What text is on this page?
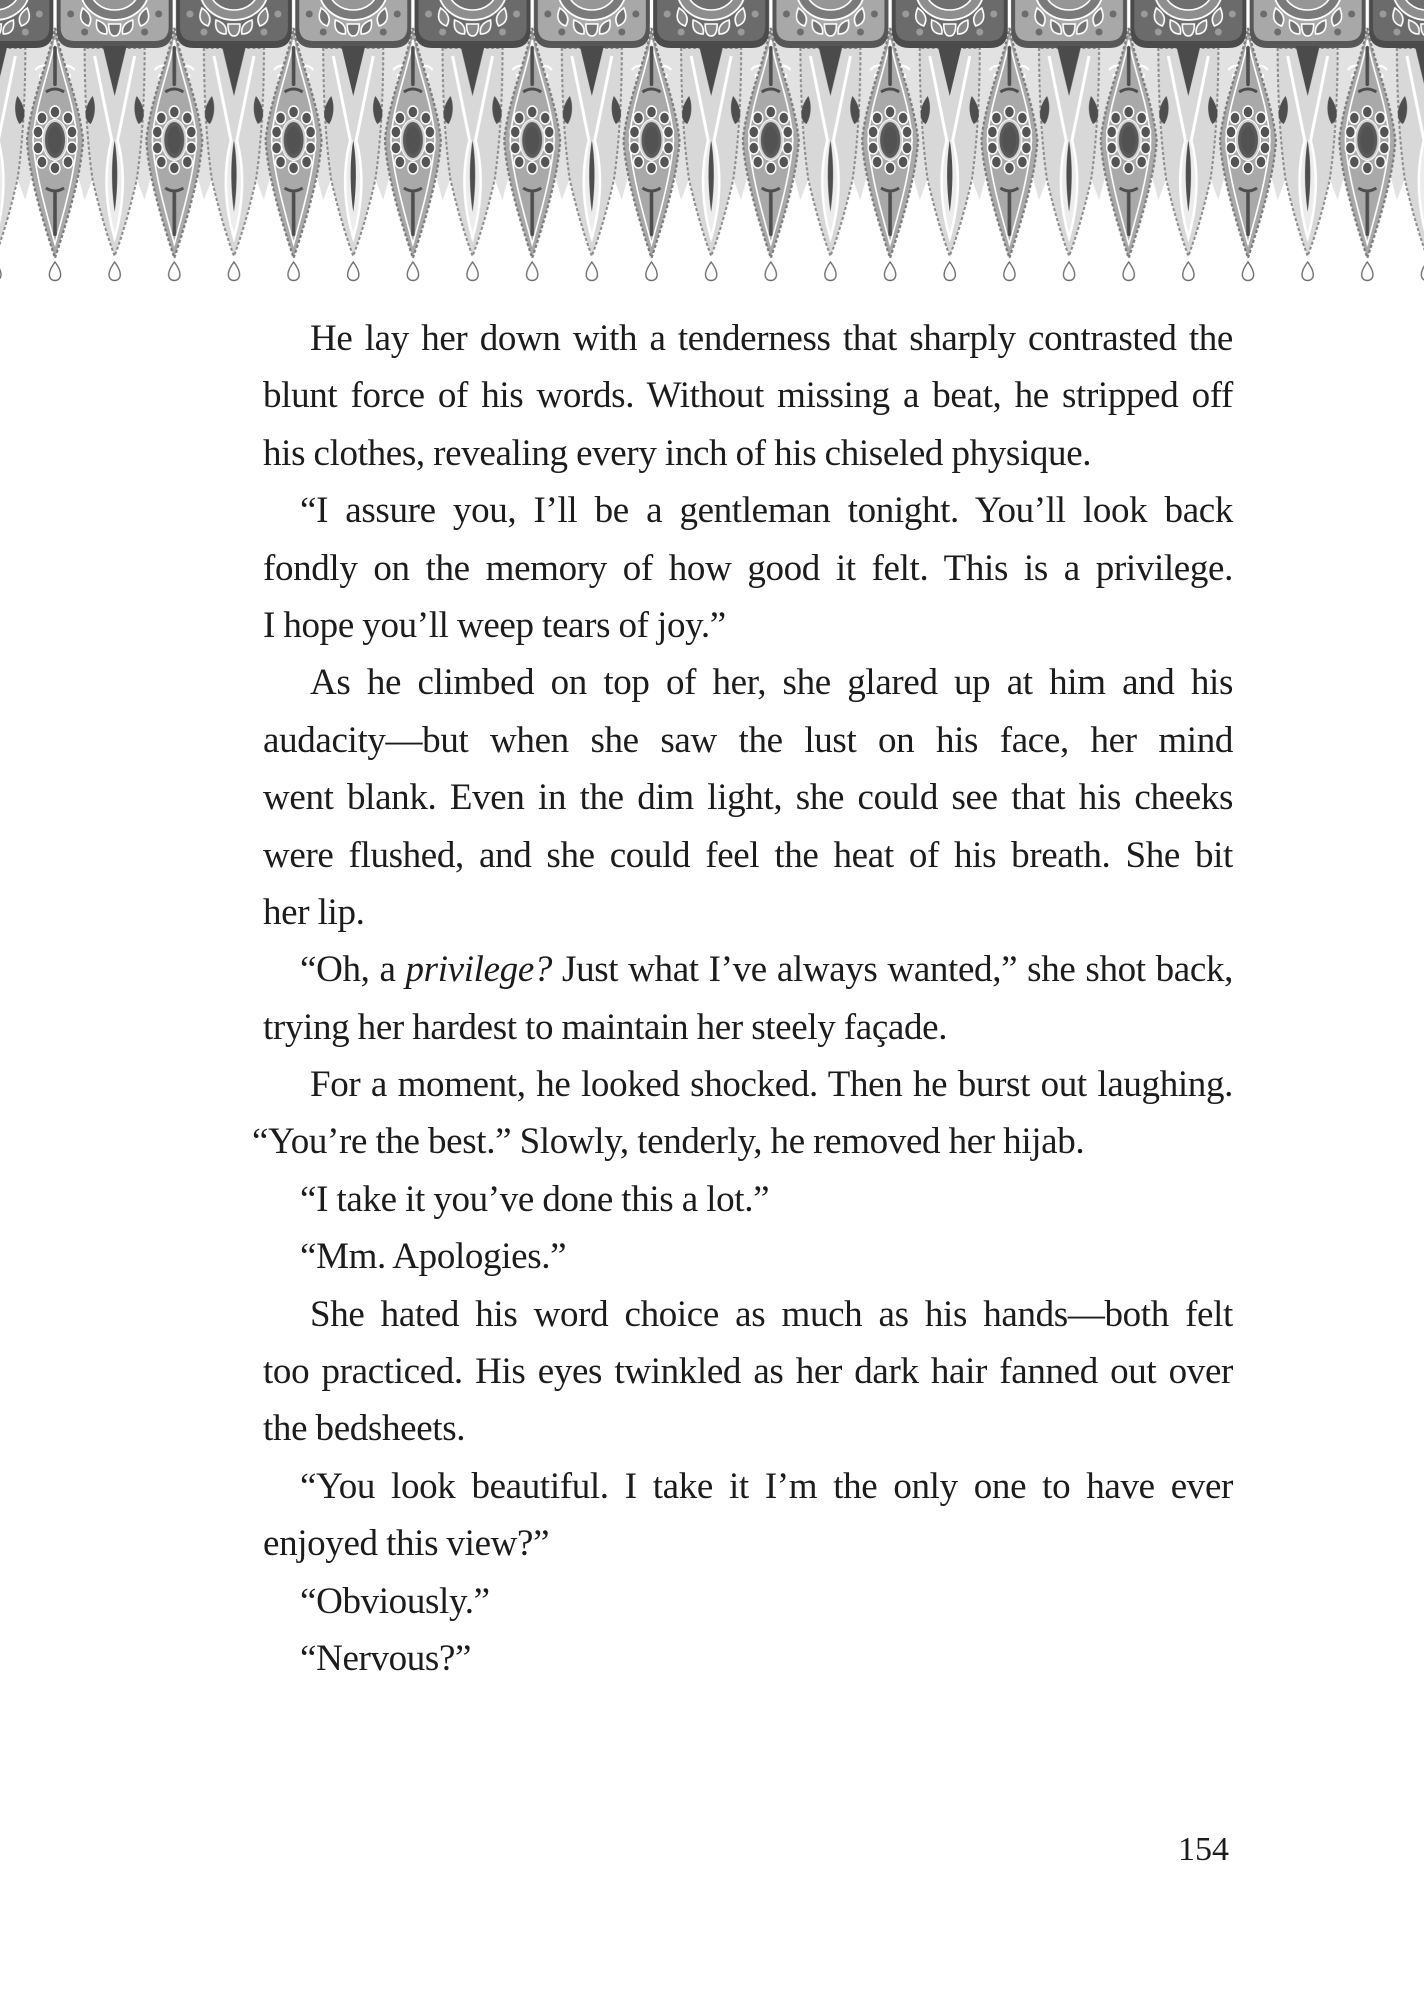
He lay her down with a tenderness that sharply contrasted the
blunt force of his words. Without missing a beat, he stripped off
his clothes, revealing every inch of his chiseled physique.
“I assure you, I’ll be a gentleman tonight. You’ll look back
fondly on the memory of how good it felt. This is a privilege.
I hope you’ll weep tears of joy.”
As he climbed on top of her, she glared up at him and his
audacity—but when she saw the lust on his face, her mind
went blank. Even in the dim light, she could see that his cheeks
were flushed, and she could feel the heat of his breath. She bit
her lip.
“Oh, a privilege? Just what I’ve always wanted,” she shot back,
trying her hardest to maintain her steely façade.
For a moment, he looked shocked. Then he burst out laughing.
“You’re the best.” Slowly, tenderly, he removed her hijab.
“I take it you’ve done this a lot.”
“Mm. Apologies.”
She hated his word choice as much as his hands—both felt
too practiced. His eyes twinkled as her dark hair fanned out over
the bedsheets.
“You look beautiful. I take it I’m the only one to have ever
enjoyed this view?”
“Obviously.”
“Nervous?”
154
